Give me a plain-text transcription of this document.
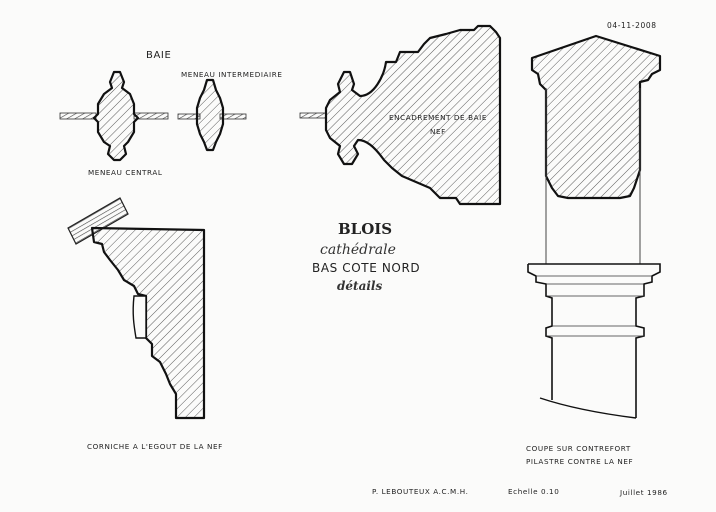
04-11-2008
BAIE
MENEAU INTERMEDIAIRE
MENEAU CENTRAL
ENCADREMENT DE BAIE
NEF
CORNICHE A L'EGOUT DE LA NEF	COUPE SUR CONTREFORT
PILASTRE CONTRE LA NEF
BLOIS
cathédrale
BAS COTE NORD
détails
P. LEBOUTEUX A.C.M.H.	Echelle 0.10	Juillet 1986
